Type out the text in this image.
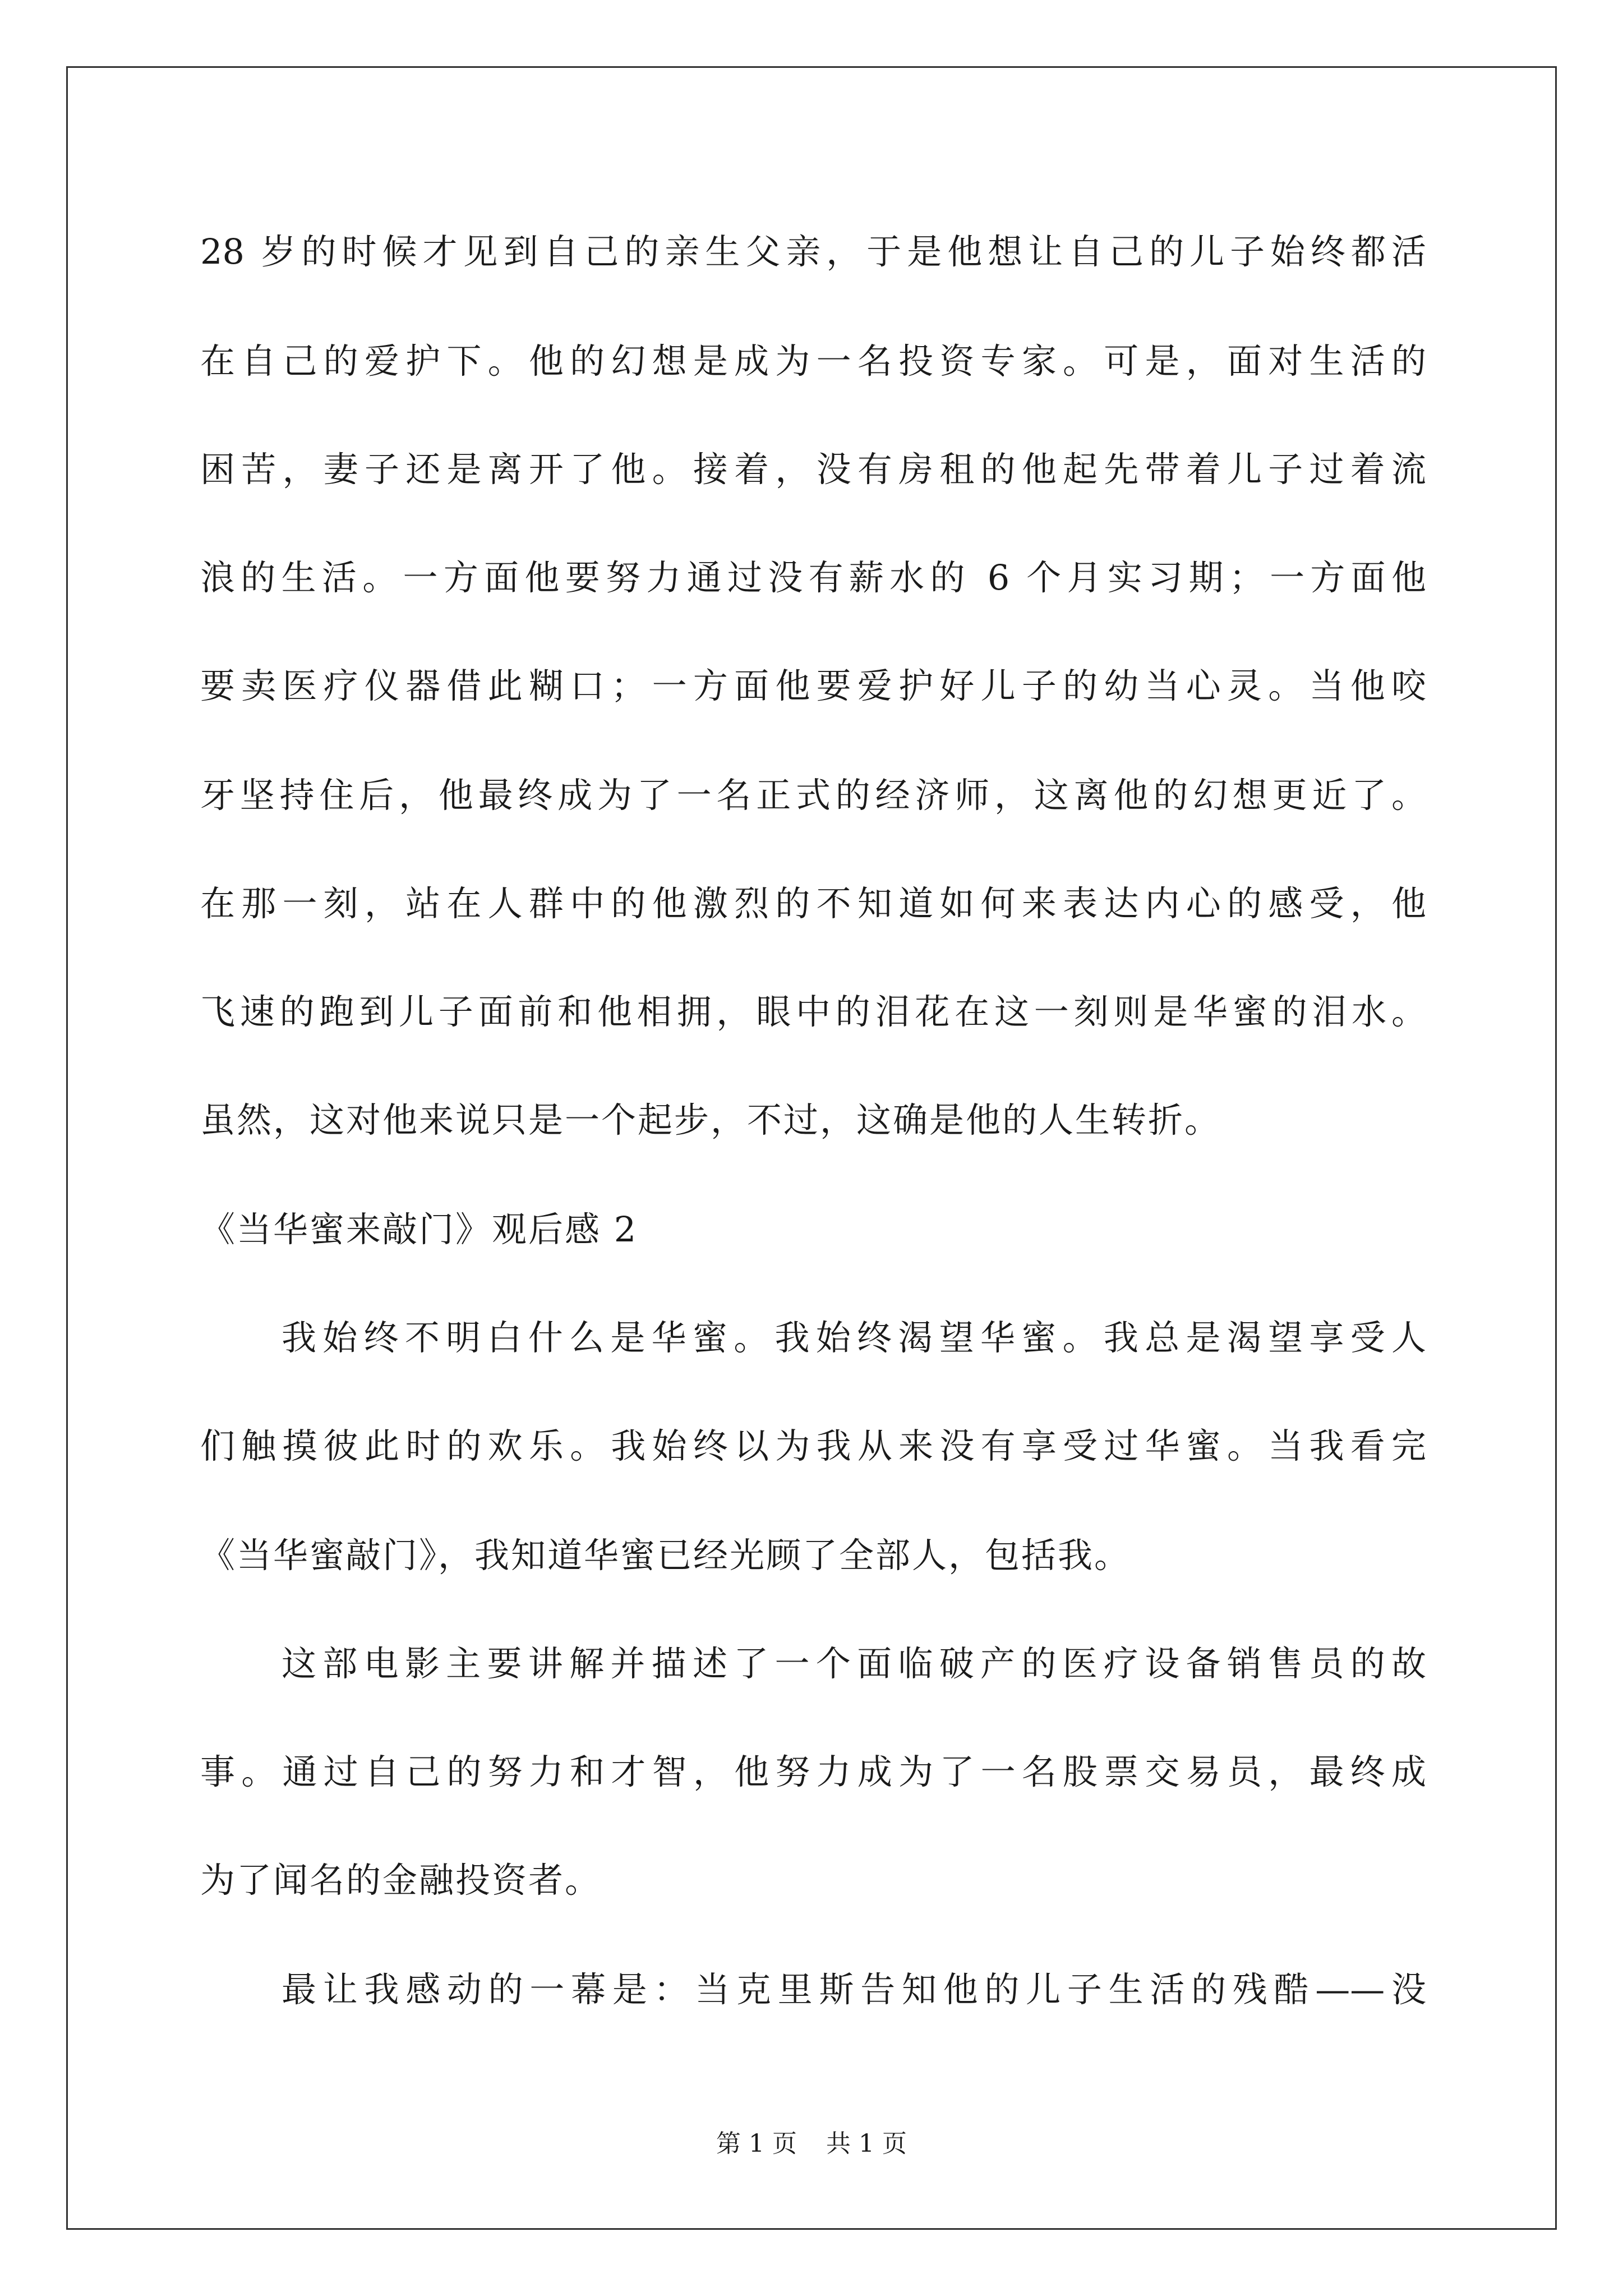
28 岁的时候才见到自己的亲生父亲，于是他想让自己的儿子始终都活
在自己的爱护下。他的幻想是成为一名投资专家。可是，面对生活的
困苦，妻子还是离开了他。接着，没有房租的他起先带着儿子过着流
浪的生活。一方面他要努力通过没有薪水的 6 个月实习期；一方面他
要卖医疗仪器借此糊口；一方面他要爱护好儿子的幼当心灵。当他咬
牙坚持住后，他最终成为了一名正式的经济师，这离他的幻想更近了。
在那一刻，站在人群中的他激烈的不知道如何来表达内心的感受，他
飞速的跑到儿子面前和他相拥，眼中的泪花在这一刻则是华蜜的泪水。
虽然，这对他来说只是一个起步，不过，这确是他的人生转折。
《当华蜜来敲门》观后感 2
我始终不明白什么是华蜜。我始终渴望华蜜。我总是渴望享受人
们触摸彼此时的欢乐。我始终以为我从来没有享受过华蜜。当我看完
《当华蜜敲门》，我知道华蜜已经光顾了全部人，包括我。
这部电影主要讲解并描述了一个面临破产的医疗设备销售员的故
事。通过自己的努力和才智，他努力成为了一名股票交易员，最终成
为了闻名的金融投资者。
最让我感动的一幕是：当克里斯告知他的儿子生活的残酷——没
第 1 页 共 1 页
